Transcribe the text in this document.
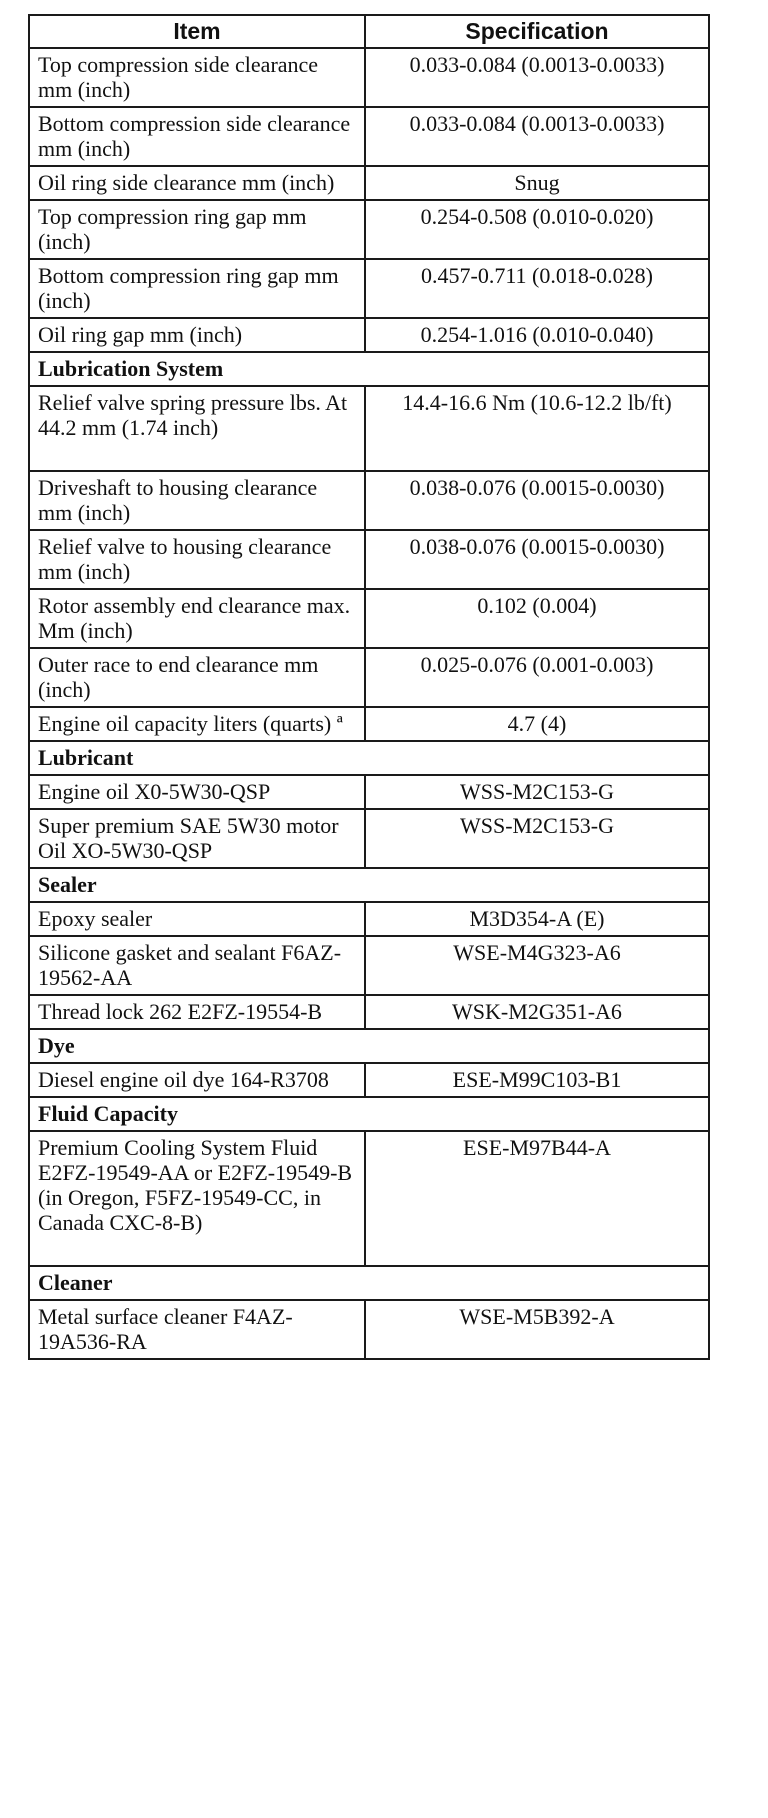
Item	Specification
Top compression side clearance mm (inch)	0.033-0.084 (0.0013-0.0033)
Bottom compression side clearance mm (inch)	0.033-0.084 (0.0013-0.0033)
Oil ring side clearance mm (inch)	Snug
Top compression ring gap mm (inch)	0.254-0.508 (0.010-0.020)
Bottom compression ring gap mm (inch)	0.457-0.711 (0.018-0.028)
Oil ring gap mm (inch)	0.254-1.016 (0.010-0.040)
Lubrication System	
Relief valve spring pressure lbs. At 44.2 mm (1.74 inch)	14.4-16.6 Nm (10.6-12.2 lb/ft)
Driveshaft to housing clearance mm (inch)	0.038-0.076 (0.0015-0.0030)
Relief valve to housing clearance mm (inch)	0.038-0.076 (0.0015-0.0030)
Rotor assembly end clearance max. Mm (inch)	0.102 (0.004)
Outer race to end clearance mm (inch)	0.025-0.076 (0.001-0.003)
Engine oil capacity liters (quarts) ª	4.7 (4)
Lubricant	
Engine oil X0-5W30-QSP	WSS-M2C153-G
Super premium SAE 5W30 motor Oil XO-5W30-QSP	WSS-M2C153-G
Sealer	
Epoxy sealer	M3D354-A (E)
Silicone gasket and sealant F6AZ-19562-AA	WSE-M4G323-A6
Thread lock 262 E2FZ-19554-B	WSK-M2G351-A6
Dye	
Diesel engine oil dye 164-R3708	ESE-M99C103-B1
Fluid Capacity	
Premium Cooling System Fluid E2FZ-19549-AA or E2FZ-19549-B (in Oregon, F5FZ-19549-CC, in Canada CXC-8-B)	ESE-M97B44-A
Cleaner	
Metal surface cleaner F4AZ-19A536-RA	WSE-M5B392-A
